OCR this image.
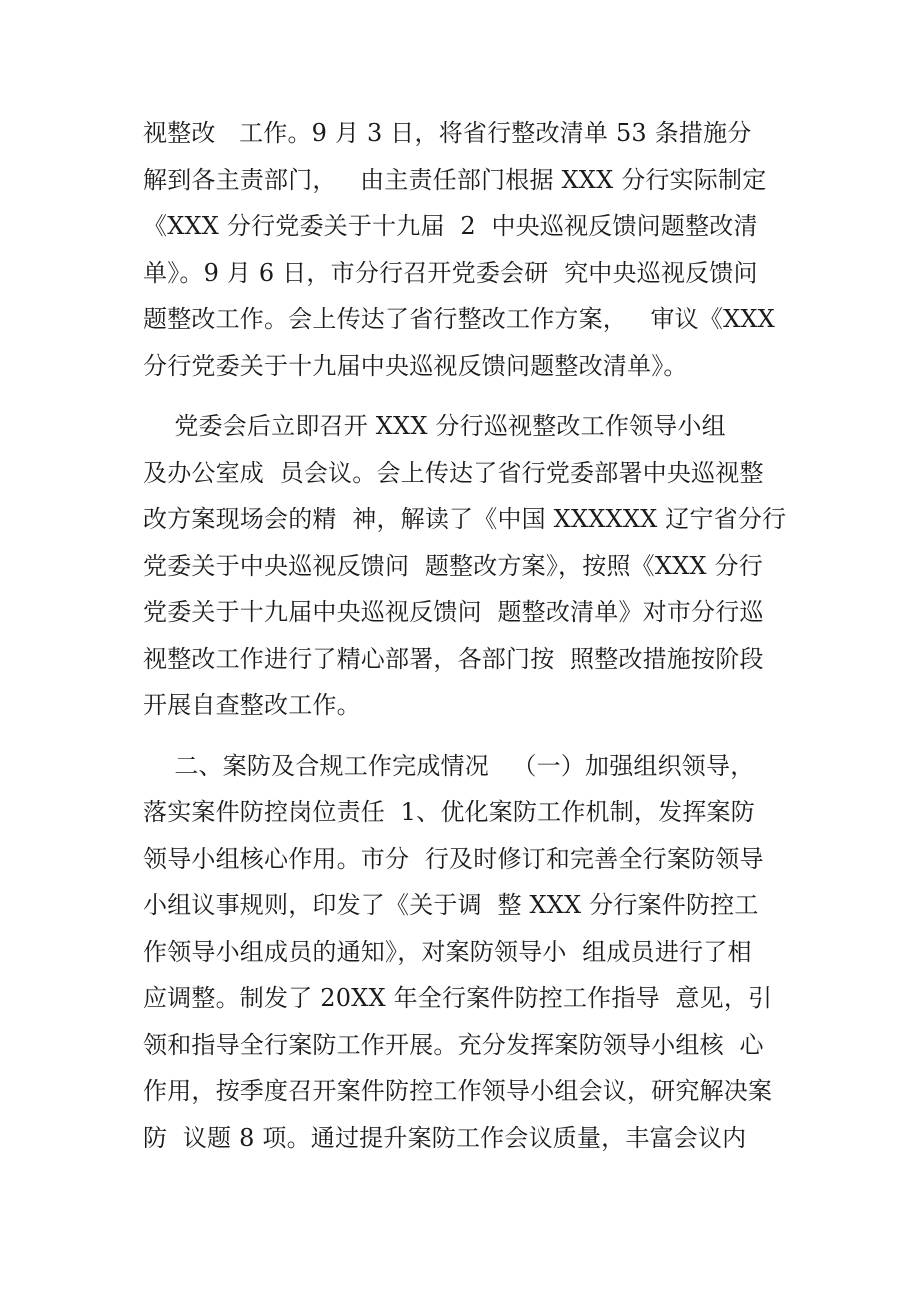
视整改   工作。9 月 3 日，将省行整改清单 53 条措施分
解到各主责部门，   由主责任部门根据 XXX 分行实际制定
《XXX 分行党委关于十九届  2  中央巡视反馈问题整改清
单》。9 月 6 日，市分行召开党委会研  究中央巡视反馈问
题整改工作。会上传达了省行整改工作方案，   审议《XXX
分行党委关于十九届中央巡视反馈问题整改清单》。
党委会后立即召开 XXX 分行巡视整改工作领导小组
及办公室成  员会议。会上传达了省行党委部署中央巡视整
改方案现场会的精  神，解读了《中国 XXXXXX 辽宁省分行
党委关于中央巡视反馈问  题整改方案》，按照《XXX 分行
党委关于十九届中央巡视反馈问  题整改清单》对市分行巡
视整改工作进行了精心部署，各部门按  照整改措施按阶段
开展自查整改工作。
二、案防及合规工作完成情况   （一）加强组织领导，
落实案件防控岗位责任  1、优化案防工作机制，发挥案防
领导小组核心作用。市分  行及时修订和完善全行案防领导
小组议事规则，印发了《关于调  整 XXX 分行案件防控工
作领导小组成员的通知》，对案防领导小  组成员进行了相
应调整。制发了 20XX 年全行案件防控工作指导  意见，引
领和指导全行案防工作开展。充分发挥案防领导小组核  心
作用，按季度召开案件防控工作领导小组会议，研究解决案
防  议题 8 项。通过提升案防工作会议质量，丰富会议内
